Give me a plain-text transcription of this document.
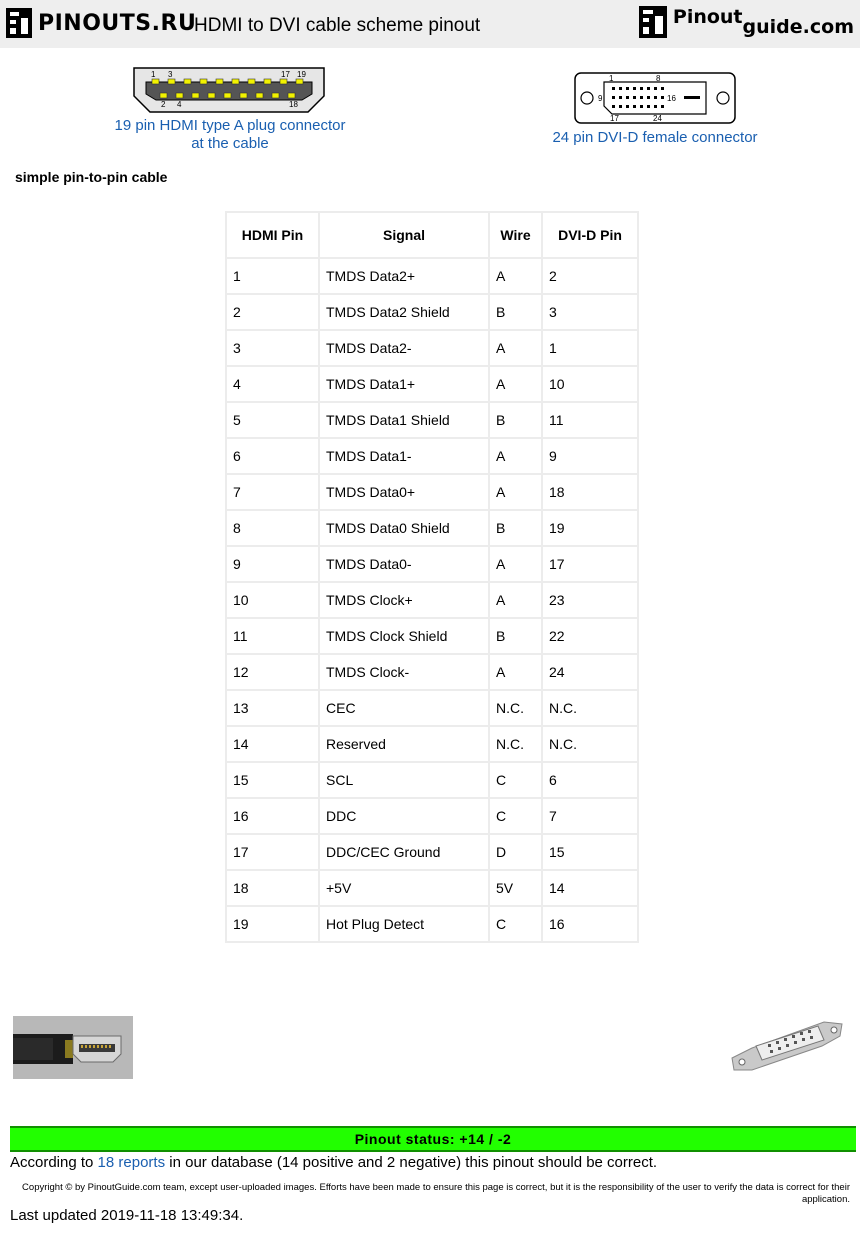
PINOUTS.RU
HDMI to DVI cable scheme pinout	Pinout guide.com
1 3	17 19
2 4	18
19 pin HDMI type A plug connector
at the cable
1	8
9	16
17	24
24 pin DVI-D female connector
simple pin-to-pin cable
HDMI Pin	Signal	Wire	DVI-D Pin
1	TMDS Data2+	A	2
2	TMDS Data2 Shield	B	3
3	TMDS Data2-	A	1
4	TMDS Data1+	A	10
5	TMDS Data1 Shield	B	11
6	TMDS Data1-	A	9
7	TMDS Data0+	A	18
8	TMDS Data0 Shield	B	19
9	TMDS Data0-	A	17
10	TMDS Clock+	A	23
11	TMDS Clock Shield	B	22
12	TMDS Clock-	A	24
13	CEC	N.C.	N.C.
14	Reserved	N.C.	N.C.
15	SCL	C	6
16	DDC	C	7
17	DDC/CEC Ground	D	15
18	+5V	5V	14
19	Hot Plug Detect	C	16
Pinout status: +14 / -2
According to 18 reports in our database (14 positive and 2 negative) this pinout should be correct.
Copyright © by PinoutGuide.com team, except user-uploaded images. Efforts have been made to ensure this page is correct, but it is the responsibility of the user to verify the data is correct for their application.
Last updated 2019-11-18 13:49:34.
